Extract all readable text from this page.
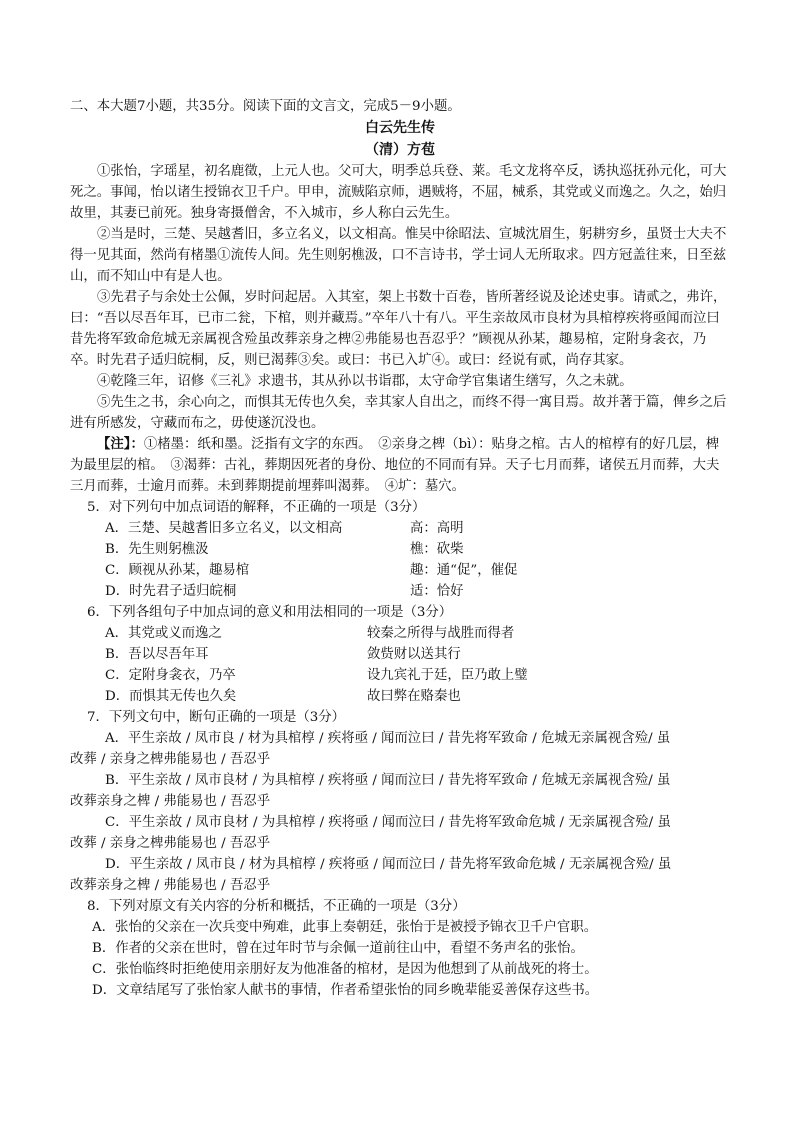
二、本大题7小题，共35分。阅读下面的文言文，完成5－9小题。
白云先生传
（清）方苞
①张怡，字瑶星，初名鹿徵，上元人也。父可大，明季总兵登、莱。毛文龙将卒反，诱执巡抚孙元化，可大死之。事闻，怡以诸生授锦衣卫千户。甲申，流贼陷京师，遇贼将，不屈，械系，其党或义而逸之。久之，始归故里，其妻已前死。独身寄摄僧舍，不入城市，乡人称白云先生。
②当是时，三楚、吴越耆旧，多立名义，以文相高。惟吴中徐昭法、宣城沈眉生，躬耕穷乡，虽贤士大夫不得一见其面，然尚有楮墨①流传人间。先生则躬樵汲，口不言诗书，学士词人无所取求。四方冠盖往来，日至兹山，而不知山中有是人也。
③先君子与余处士公佩，岁时问起居。入其室，架上书数十百卷，皆所著经说及论述史事。请贰之，弗许，曰：“吾以尽吾年耳，已市二瓮，下棺，则并藏焉。”卒年八十有八。平生亲故凤市良材为具棺椁疾将亟闻而泣曰昔先将军致命危城无亲属视含殓虽改葬亲身之椑②弗能易也吾忍乎？”顾视从孙某，趣易棺，定附身衾衣，乃卒。时先君子适归皖桐，反，则已渴葬③矣。或曰：书已入圹④。或曰：经说有贰，尚存其家。
④乾隆三年，诏修《三礼》求遗书，其从孙以书诣郡，太守命学官集诸生缮写，久之未就。
⑤先生之书，余心向之，而惧其无传也久矣，幸其家人自出之，而终不得一寓目焉。故并著于篇，俾乡之后进有所感发，守藏而布之，毋使遂沉没也。
【注】：①楮墨：纸和墨。泛指有文字的东西。　②亲身之椑（bì）：贴身之棺。古人的棺椁有的好几层，椑为最里层的棺。　③渴葬：古礼，葬期因死者的身份、地位的不同而有异。天子七月而葬，诸侯五月而葬，大夫三月而葬，士逾月而葬。未到葬期提前埋葬叫渴葬。　④圹：墓穴。
5．对下列句中加点词语的解释，不正确的一项是（3分）
A．三楚、吴越耆旧多立名义，以文相高	高：高明
B．先生则躬樵汲	樵：砍柴
C．顾视从孙某，趣易棺	趣：通“促”，催促
D．时先君子适归皖桐	适：恰好
6．下列各组句子中加点词的意义和用法相同的一项是（3分）
A．其党或义而逸之	较秦之所得与战胜而得者
B．吾以尽吾年耳	敛赀财以送其行
C．定附身衾衣，乃卒	设九宾礼于廷，臣乃敢上璧
D．而惧其无传也久矣	故曰弊在赂秦也
7．下列文句中，断句正确的一项是（3分）
A．平生亲故 / 凤市良 / 材为具棺椁 / 疾将亟 / 闻而泣曰 / 昔先将军致命 / 危城无亲属视含殓/ 虽
改葬 / 亲身之椑弗能易也 / 吾忍乎
B．平生亲故 / 凤市良材 / 为具棺椁 / 疾将亟 / 闻而泣曰 / 昔先将军致命 / 危城无亲属视含殓/ 虽
改葬亲身之椑 / 弗能易也 / 吾忍乎
C．平生亲故 / 凤市良材 / 为具棺椁 / 疾将亟 / 闻而泣曰 / 昔先将军致命危城 / 无亲属视含殓/ 虽
改葬 / 亲身之椑弗能易也 / 吾忍乎
D．平生亲故 / 凤市良 / 材为具棺椁 / 疾将亟 / 闻而泣曰 / 昔先将军致命危城 / 无亲属视含殓/ 虽
改葬亲身之椑 / 弗能易也 / 吾忍乎
8．下列对原文有关内容的分析和概括，不正确的一项是（3分）
A．张怡的父亲在一次兵变中殉难，此事上奏朝廷，张怡于是被授予锦衣卫千户官职。
B．作者的父亲在世时，曾在过年时节与余佩一道前往山中，看望不务声名的张怡。
C．张怡临终时拒绝使用亲朋好友为他准备的棺材，是因为他想到了从前战死的将士。
D．文章结尾写了张怡家人献书的事情，作者希望张怡的同乡晚辈能妥善保存这些书。
